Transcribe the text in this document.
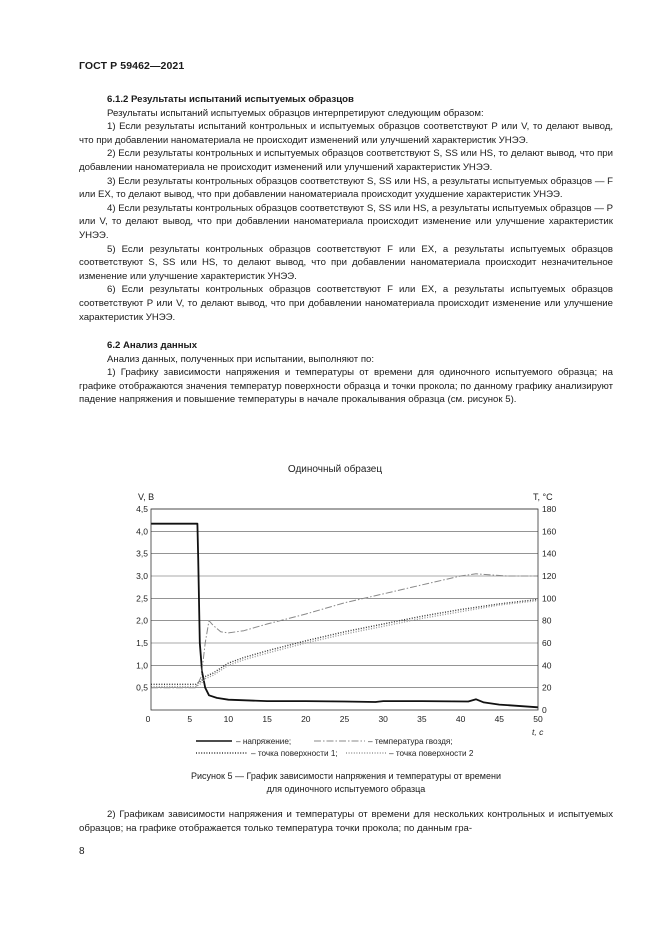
ГОСТ Р 59462—2021

6.1.2 Результаты испытаний испытуемых образцов

Результаты испытаний испытуемых образцов интерпретируют следующим образом:

1) Если результаты испытаний контрольных и испытуемых образцов соответствуют P или V, то делают вывод, что при добавлении наноматериала не происходит изменений или улучшений характеристик УНЭЭ.

2) Если результаты контрольных и испытуемых образцов соответствуют S, SS или HS, то делают вывод, что при добавлении наноматериала не происходит изменений или улучшений характеристик УНЭЭ.

3) Если результаты контрольных образцов соответствуют S, SS или HS, а результаты испытуемых образцов — F или EX, то делают вывод, что при добавлении наноматериала происходит ухудшение характеристик УНЭЭ.

4) Если результаты контрольных образцов соответствуют S, SS или HS, а результаты испытуемых образцов — P или V, то делают вывод, что при добавлении наноматериала происходит изменение или улучшение характеристик УНЭЭ.

5) Если результаты контрольных образцов соответствуют F или EX, а результаты испытуемых образцов соответствуют S, SS или HS, то делают вывод, что при добавлении наноматериала происходит незначительное изменение или улучшение характеристик УНЭЭ.

6) Если результаты контрольных образцов соответствуют F или EX, а результаты испытуемых образцов соответствуют P или V, то делают вывод, что при добавлении наноматериала происходит изменение или улучшение характеристик УНЭЭ.

6.2 Анализ данных

Анализ данных, полученных при испытании, выполняют по:

1) Графику зависимости напряжения и температуры от времени для одиночного испытуемого образца; на графике отображаются значения температур поверхности образца и точки прокола; по данному графику анализируют падение напряжения и повышение температуры в начале прокалывания образца (см. рисунок 5).

Одиночный образец
V, В	T, °С
0,5
1,0
1,5
2,0
2,5
3,0
3,5
4,0
4,5
0
20
40
60
80
100
120
140
160
180
0	5	10	15	20	25	30	35	40	45	50
t, c
– напряжение;	– температура гвоздя;
– точка поверхности 1;	– точка поверхности 2
Рисунок 5 — График зависимости напряжения и температуры от времени
для одиночного испытуемого образца

2) Графикам зависимости напряжения и температуры от времени для нескольких контрольных и испытуемых образцов; на графике отображается только температура точки прокола; по данным гра-

8
